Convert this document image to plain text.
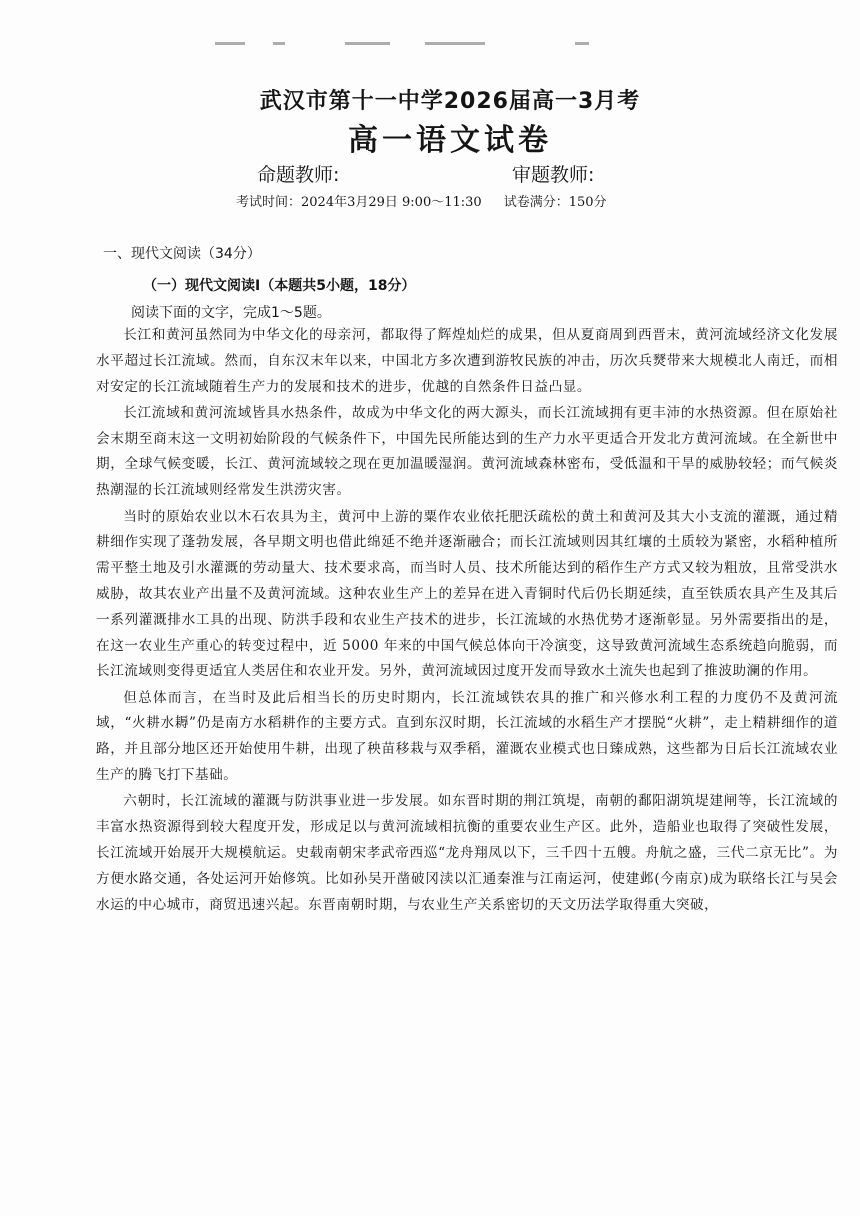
武汉市第十一中学2026届高一3月考
高一语文试卷
命题教师:	审题教师:
考试时间：2024年3月29日 9:00～11:30 试卷满分：150分
一、现代文阅读（34分）
（一）现代文阅读Ⅰ（本题共5小题，18分）
阅读下面的文字，完成1～5题。

长江和黄河虽然同为中华文化的母亲河，都取得了辉煌灿烂的成果，但从夏商周到西晋末，黄河流域经济文化发展水平超过长江流域。然而，自东汉末年以来，中国北方多次遭到游牧民族的冲击，历次兵燹带来大规模北人南迁，而相对安定的长江流域随着生产力的发展和技术的进步，优越的自然条件日益凸显。

长江流域和黄河流域皆具水热条件，故成为中华文化的两大源头，而长江流域拥有更丰沛的水热资源。但在原始社会末期至商末这一文明初始阶段的气候条件下，中国先民所能达到的生产力水平更适合开发北方黄河流域。在全新世中期，全球气候变暖，长江、黄河流域较之现在更加温暖湿润。黄河流域森林密布，受低温和干旱的威胁较轻；而气候炎热潮湿的长江流域则经常发生洪涝灾害。

当时的原始农业以木石农具为主，黄河中上游的粟作农业依托肥沃疏松的黄土和黄河及其大小支流的灌溉，通过精耕细作实现了蓬勃发展，各早期文明也借此绵延不绝并逐渐融合；而长江流域则因其红壤的土质较为紧密，水稻种植所需平整土地及引水灌溉的劳动量大、技术要求高，而当时人员、技术所能达到的稻作生产方式又较为粗放，且常受洪水威胁，故其农业产出量不及黄河流域。这种农业生产上的差异在进入青铜时代后仍长期延续，直至铁质农具产生及其后一系列灌溉排水工具的出现、防洪手段和农业生产技术的进步，长江流域的水热优势才逐渐彰显。另外需要指出的是，在这一农业生产重心的转变过程中，近 5000 年来的中国气候总体向干冷演变，这导致黄河流域生态系统趋向脆弱，而长江流域则变得更适宜人类居住和农业开发。另外，黄河流域因过度开发而导致水土流失也起到了推波助澜的作用。

但总体而言，在当时及此后相当长的历史时期内，长江流域铁农具的推广和兴修水利工程的力度仍不及黄河流域，“火耕水耨”仍是南方水稻耕作的主要方式。直到东汉时期，长江流域的水稻生产才摆脱“火耕”，走上精耕细作的道路，并且部分地区还开始使用牛耕，出现了秧苗移栽与双季稻，灌溉农业模式也日臻成熟，这些都为日后长江流域农业生产的腾飞打下基础。

六朝时，长江流域的灌溉与防洪事业进一步发展。如东晋时期的荆江筑堤，南朝的鄱阳湖筑堤建闸等，长江流域的丰富水热资源得到较大程度开发，形成足以与黄河流域相抗衡的重要农业生产区。此外，造船业也取得了突破性发展，长江流域开始展开大规模航运。史载南朝宋孝武帝西巡“龙舟翔凤以下，三千四十五艘。舟航之盛，三代二京无比”。为方便水路交通，各处运河开始修筑。比如孙吴开凿破冈渎以汇通秦淮与江南运河，使建邺(今南京)成为联络长江与吴会水运的中心城市，商贸迅速兴起。东晋南朝时期，与农业生产关系密切的天文历法学取得重大突破，
